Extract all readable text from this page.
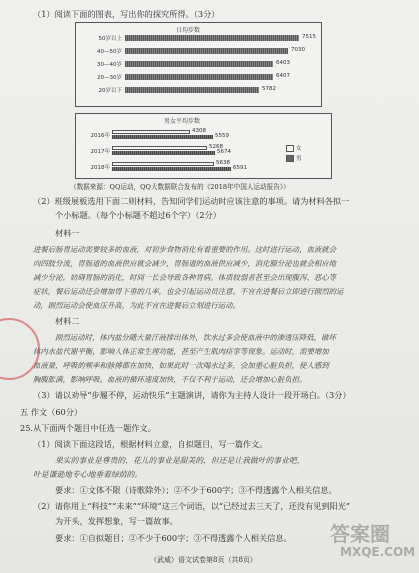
（1）阅读下面的图表，写出你的探究所得。（3分）
日均步数
50岁以上	7515
40—50岁	7030
30—40岁	6403
20—30岁	6407
20岁以下	5782
男女平均步数
女
男
2016年
4308
5559
2017年
5268
5674
2018年
5638
6591
（数据来源：QQ运动，QQ大数据联合发布的《2018年中国人运动报告》）
（2）班级展板选用下面二则材料，告知同学们运动时应该注意的事项。请为材料各拟一
个小标题。（每个小标题不超过6个字）（2分）
材料一
进餐后肠胃运动需要较多的血液，对初步食物消化有着重要的作用。这时进行运动，血液就会
向四肢分流，胃肠道的血液供应就会减少，胃肠道的血液供应减少，消化腺分泌也就会相应地
减少分泌，妨碍胃肠的消化，时间一长会导致各种胃病。体质较弱者甚至会出现腹泻、恶心等
症状，餐后运动还会增加胃下垂的几率，也会引起运动员注意。不宜在进餐后立即进行剧烈的运
动，剧烈运动会使血压升高，为此不宜在进餐后立刻进行运动。
材料二
剧烈运动时，体内盐分随大量汗液排出体外，饮水过多会使血液中的渗透压降低，破坏
体内水盐代谢平衡，影响人体正常生理功能，甚至产生肌肉痉挛等现象。运动时，需要增加
血液量，呼吸的频率和脉搏都在加快，如果此时一次喝水过多，会加重心脏负担，使人感到
胸腹胀满，影响呼吸。血液的循环速度加快，不仅不利于运动，还会增加心脏负担。
（3）请以劝导“步履不停，运动快乐”主题演讲，请你为主持人设计一段开场白。（3分）
五 作文（60分）
25.从下面两个题目中任选一题作文。
（1）阅读下面这段话，根据材料立意，自拟题目，写一篇作文。
果实的事业是尊贵的，花儿的事业是甜美的，但还是让我做叶的事业吧，
叶是谦逊地专心地垂着绿荫的。
要求：①文体不限（诗歌除外）；②不少于600字；③不得透露个人相关信息。
（2）请你用上“科技”“未来”“环境”这三个词语，以“已经过去三天了，还没有见到阳光”
为开头，发挥想象，写一篇故事。
要求：①自拟题目；②不少于600字；③不得透露个人相关信息。
（武威）语文试卷第8页（共8页）
答案圈
MXQE.COM
